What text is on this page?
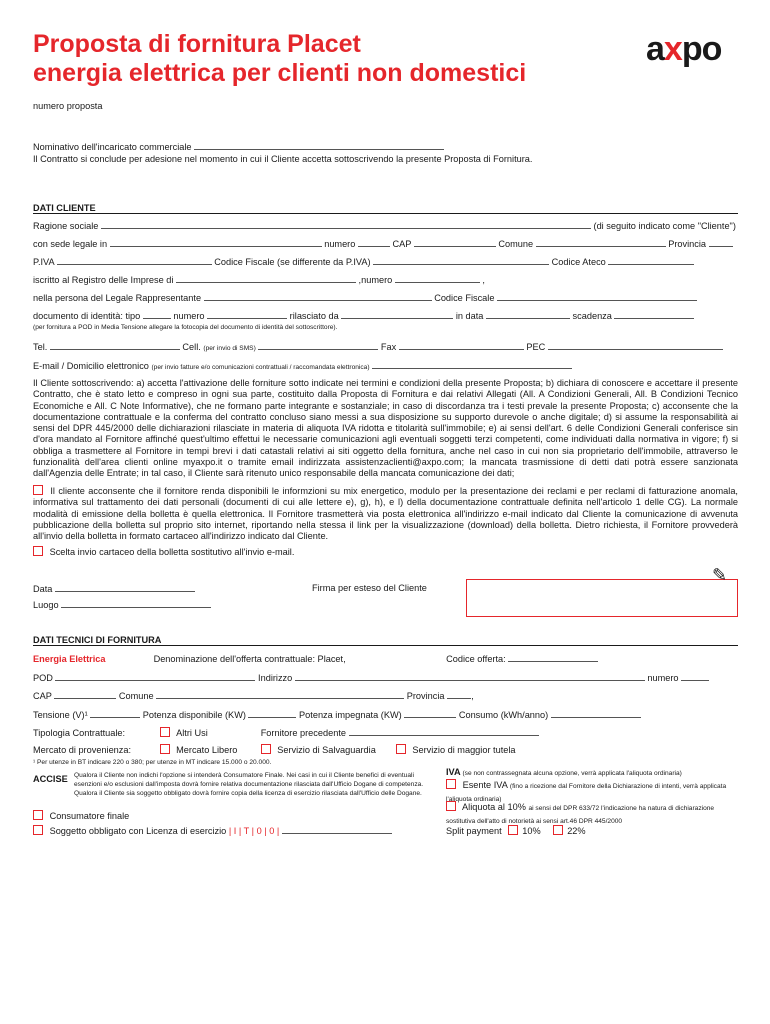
Proposta di fornitura Placet
energia elettrica per clienti non domestici
axpo
numero proposta
Nominativo dell'incaricato commerciale
Il Contratto si conclude per adesione nel momento in cui il Cliente accetta sottoscrivendo la presente Proposta di Fornitura.
DATI CLIENTE
Ragione sociale	(di seguito indicato come "Cliente")
con sede legale in	numero	CAP	Comune	Provincia
P.IVA	Codice Fiscale (se differente da P.IVA)	Codice Ateco
iscritto al Registro delle Imprese di	,numero	,
nella persona del Legale Rappresentante	Codice Fiscale
documento di identità: tipo	numero	rilasciato da	in data	scadenza
(per fornitura a POD in Media Tensione allegare la fotocopia del documento di identità del sottoscrittore).
Tel.	Cell. (per invio di SMS)	Fax	PEC
E-mail / Domicilio elettronico (per invio fatture e/o comunicazioni contrattuali / raccomandata elettronica)
Il Cliente sottoscrivendo: a) accetta l'attivazione delle forniture sotto indicate nei termini e condizioni della presente Proposta; b) dichiara di conoscere e accettare il presente Contratto, che è stato letto e compreso in ogni sua parte, costituito dalla Proposta di Fornitura e dai relativi Allegati (All. A Condizioni Generali, All. B Condizioni Tecnico Economiche e All. C Note Informative), che ne formano parte integrante e sostanziale; in caso di discordanza tra i testi prevale la presente Proposta; c) acconsente che la documentazione contrattuale e la conferma del contratto concluso siano messi a sua disposizione su supporto durevole o anche digitale; d) si assume la responsabilità ai sensi del DPR 445/2000 delle dichiarazioni rilasciate in materia di aliquota IVA ridotta e titolarità sull'immobile; e) ai sensi dell'art. 6 delle Condizioni Generali conferisce sin d'ora mandato al Fornitore affinché quest'ultimo effettui le necessarie comunicazioni agli eventuali soggetti terzi competenti, come individuati dalla normativa in vigore; f) si obbliga a trasmettere al Fornitore in tempi brevi i dati catastali relativi ai siti oggetto della fornitura, anche nel caso in cui non sia proprietario dell'immobile, attraverso le funzionalità dell'area clienti online myaxpo.it o tramite email indirizzata assistenzaclienti@axpo.com; la mancata trasmissione di detti dati potrà essere sanzionata dall'Agenzia delle Entrate; in tal caso, il Cliente sarà ritenuto unico responsabile della mancata comunicazione dei dati;
Il cliente acconsente che il fornitore renda disponibili le informzioni su mix energetico, modulo per la presentazione dei reclami e per reclami di fatturazione anomala, informativa sul trattamento dei dati personali (documenti di cui alle lettere e), g), h), e l) della documentazione contrattuale definita nell'articolo 1 delle CG). La normale modalità di emissione della bolletta è quella elettronica. Il Fornitore trasmetterà via posta elettronica all'indirizzo e-mail indicato dal Cliente la comunicazione di avvenuta pubblicazione della bolletta sul proprio sito internet, riportando nella stessa il link per la visualizzazione (download) della bolletta. Dietro richiesta, il Fornitore provvederà all'invio della bolletta in formato cartaceo all'indirizzo indicato dal Cliente.
Scelta invio cartaceo della bolletta sostitutivo all'invio e-mail.
Data	Firma per esteso del Cliente
✎
Luogo
DATI TECNICI DI FORNITURA
Energia Elettrica	Denominazione dell'offerta contrattuale: Placet,	Codice offerta:
POD	Indirizzo	numero
CAP	Comune	Provincia	,
Tensione (V)¹	Potenza disponibile (KW)	Potenza impegnata (KW)	Consumo (kWh/anno)
Tipologia Contrattuale:	Altri Usi	Fornitore precedente
Mercato di provenienza:	Mercato Libero	Servizio di Salvaguardia	Servizio di maggior tutela
¹ Per utenze in BT indicare 220 o 380; per utenze in MT indicare 15.000 o 20.000.
ACCISE Qualora il Cliente non indichi l'opzione si intenderà Consumatore Finale. Nei casi in cui il Cliente benefici di eventuali esenzioni e/o esclusioni dall'imposta dovrà fornire relativa documentazione rilasciata dall'Ufficio Dogane di competenza. Qualora il Cliente sia soggetto obbligato dovrà fornire copia della licenza di esercizio rilasciata dall'Ufficio delle Dogane.
Consumatore finale
Soggetto obbligato con Licenza di esercizio | I | T | 0 | 0 |
IVA (se non contrassegnata alcuna opzione, verrà applicata l'aliquota ordinaria)
Esente IVA (fino a ricezione dal Fornitore della Dichiarazione di intenti, verrà applicata l'aliquota ordinaria)
Aliquota al 10% ai sensi del DPR 633/72 l'indicazione ha natura di dichiarazione sostitutiva dell'atto di notorietà ai sensi art.46 DPR 445/2000
Split payment 10%	22%
